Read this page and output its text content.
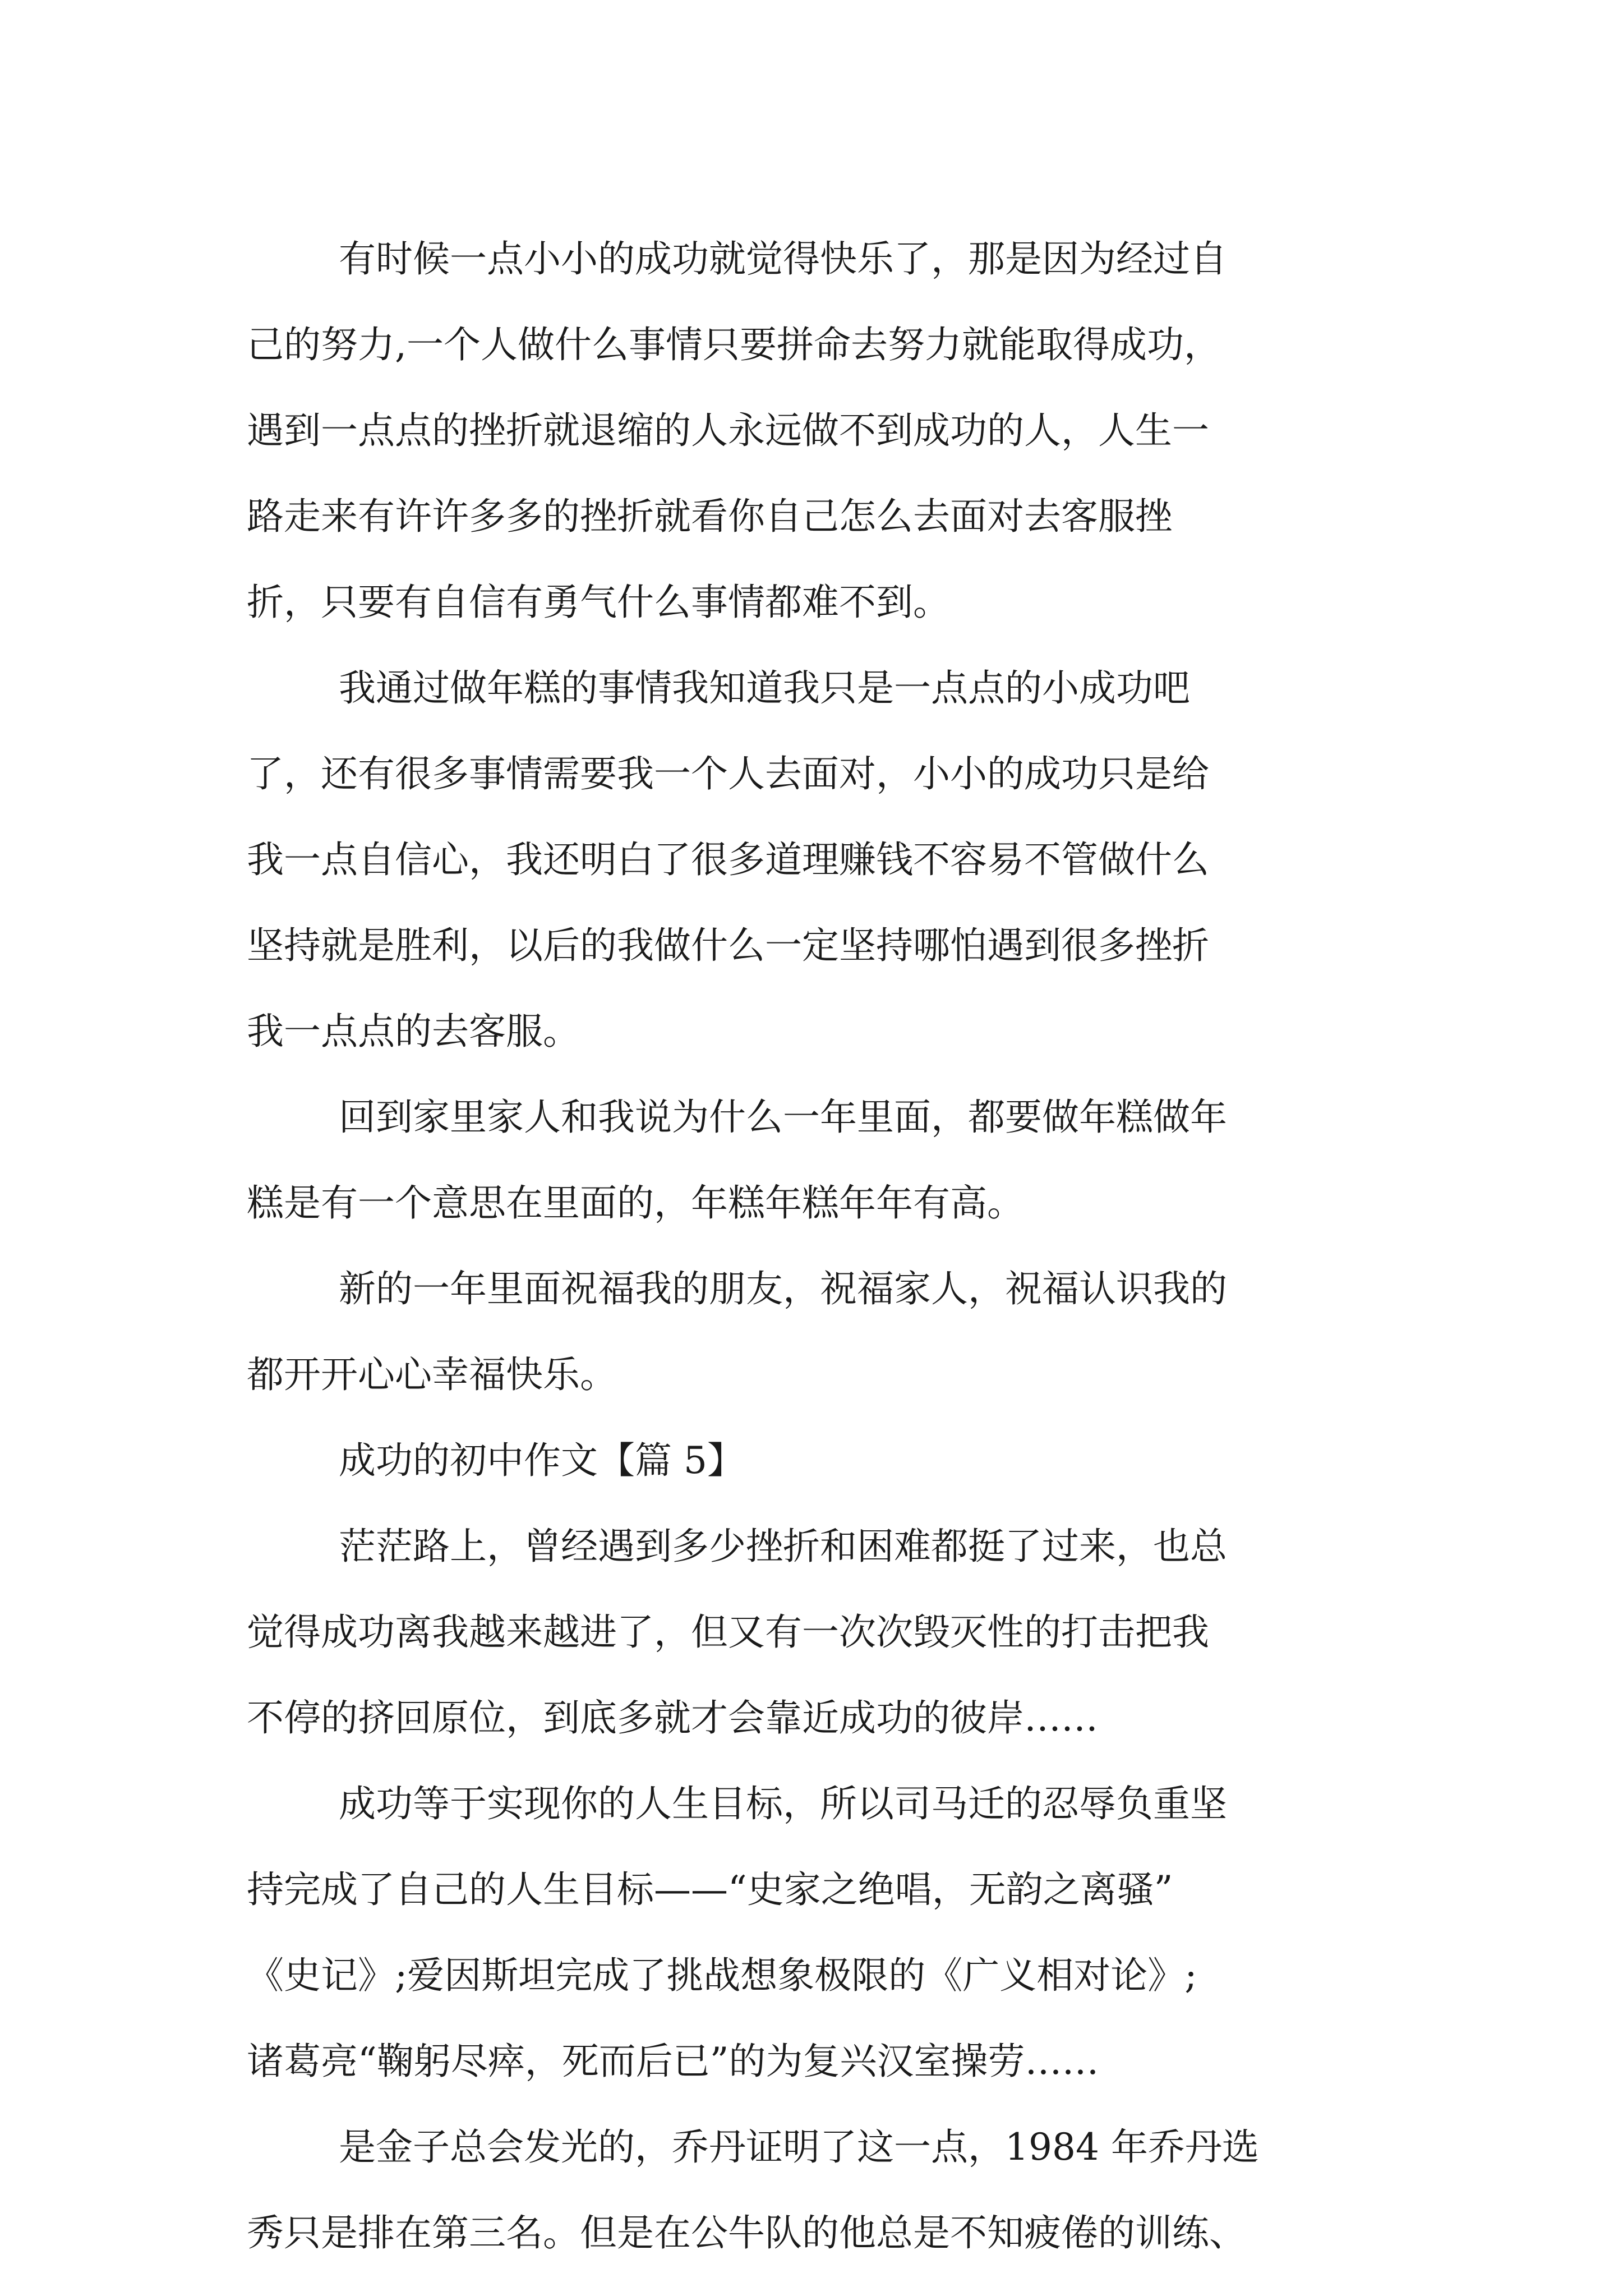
有时候一点小小的成功就觉得快乐了，那是因为经过自
己的努力,一个人做什么事情只要拼命去努力就能取得成功，
遇到一点点的挫折就退缩的人永远做不到成功的人，人生一
路走来有许许多多的挫折就看你自己怎么去面对去客服挫
折，只要有自信有勇气什么事情都难不到。
我通过做年糕的事情我知道我只是一点点的小成功吧
了，还有很多事情需要我一个人去面对，小小的成功只是给
我一点自信心，我还明白了很多道理赚钱不容易不管做什么
坚持就是胜利，以后的我做什么一定坚持哪怕遇到很多挫折
我一点点的去客服。
回到家里家人和我说为什么一年里面，都要做年糕做年
糕是有一个意思在里面的，年糕年糕年年有高。
新的一年里面祝福我的朋友，祝福家人，祝福认识我的
都开开心心幸福快乐。
成功的初中作文【篇 5】
茫茫路上，曾经遇到多少挫折和困难都挺了过来，也总
觉得成功离我越来越进了，但又有一次次毁灭性的打击把我
不停的挤回原位，到底多就才会靠近成功的彼岸……
成功等于实现你的人生目标，所以司马迁的忍辱负重坚
持完成了自己的人生目标——“史家之绝唱，无韵之离骚”
《史记》;爱因斯坦完成了挑战想象极限的《广义相对论》;
诸葛亮“鞠躬尽瘁，死而后已”的为复兴汉室操劳……
是金子总会发光的，乔丹证明了这一点，1984 年乔丹选
秀只是排在第三名。但是在公牛队的他总是不知疲倦的训练、
